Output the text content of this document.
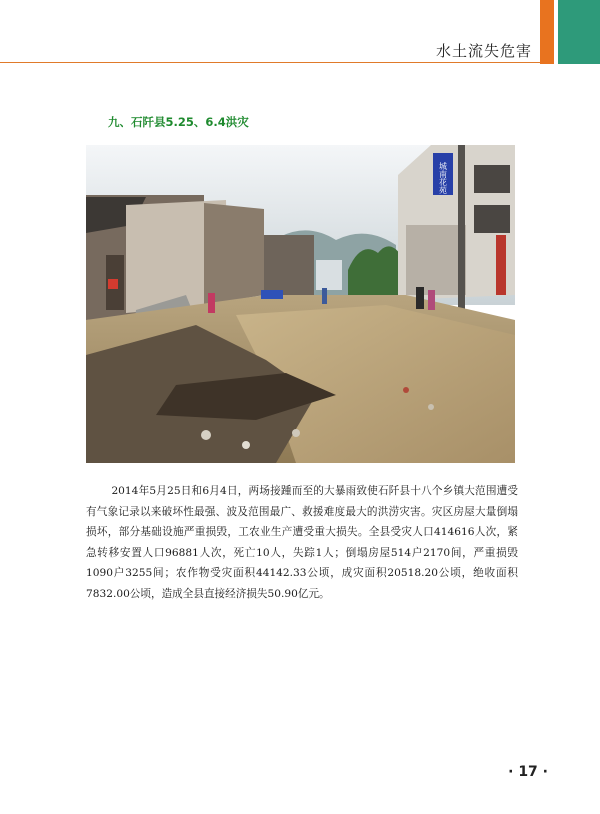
水土流失危害
九、石阡县5.25、6.4洪灾
城南花苑

2014年5月25日和6月4日，两场接踵而至的大暴雨致使石阡县十八个乡镇大范围遭受有气象记录以来破坏性最强、波及范围最广、救援难度最大的洪涝灾害。灾区房屋大量倒塌损坏，部分基础设施严重损毁，工农业生产遭受重大损失。全县受灾人口414616人次，紧急转移安置人口96881人次，死亡10人，失踪1人；倒塌房屋514户2170间，严重损毁1090户3255间；农作物受灾面积44142.33公顷，成灾面积20518.20公顷，绝收面积7832.00公顷，造成全县直接经济损失50.90亿元。

· 17 ·
